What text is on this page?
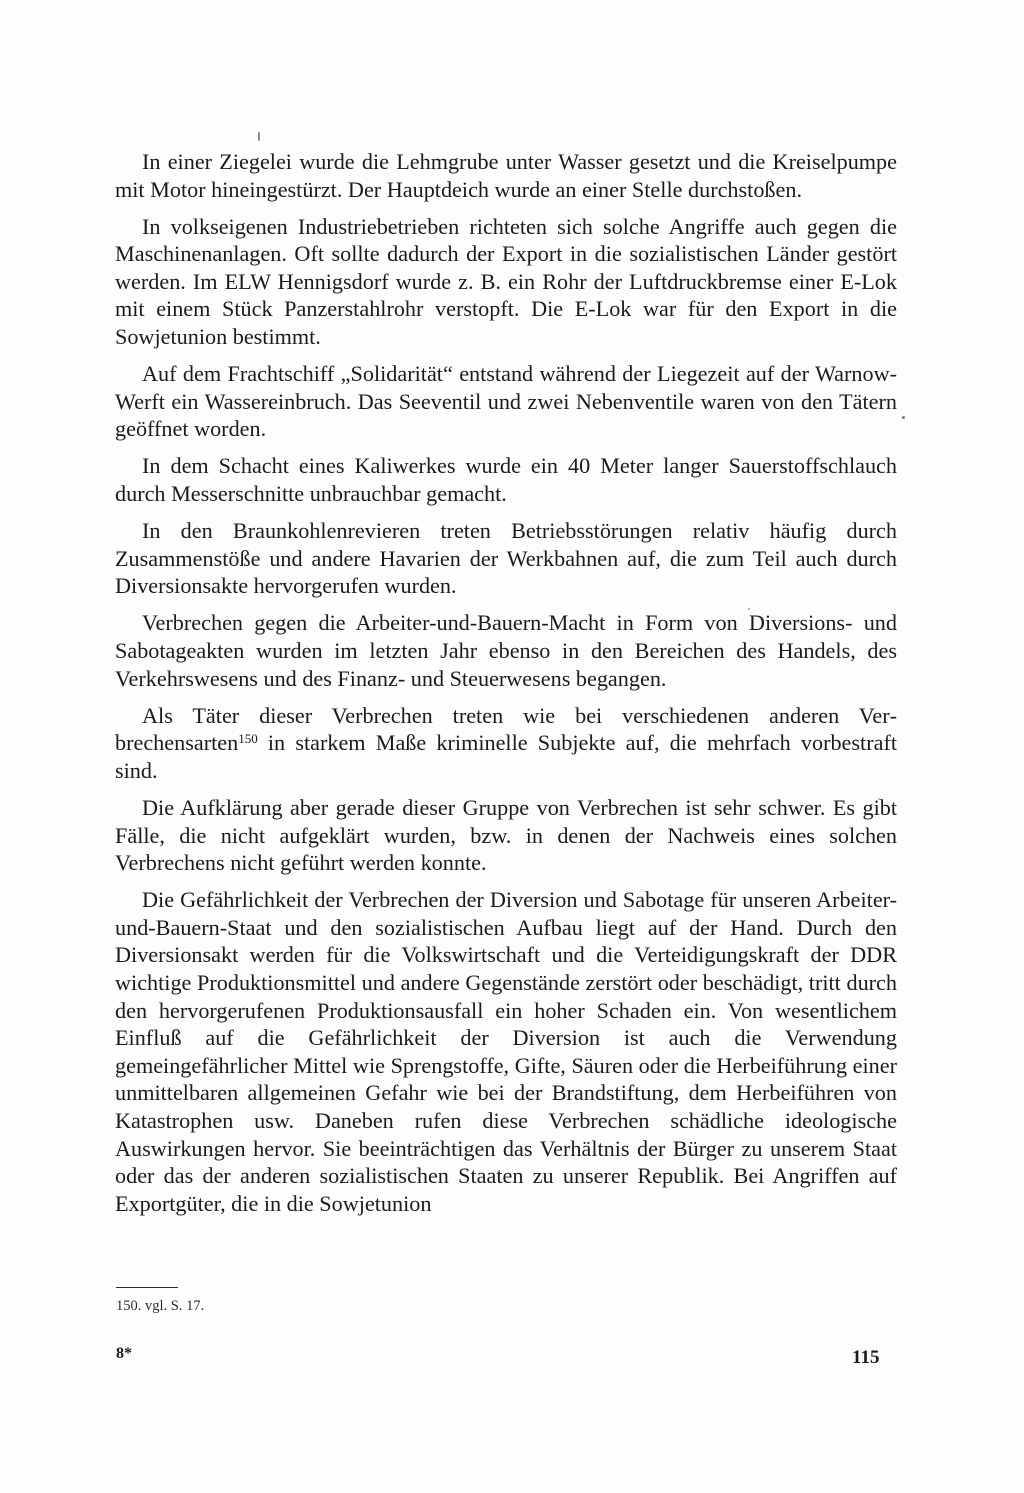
In einer Ziegelei wurde die Lehmgrube unter Wasser gesetzt und die Kreiselpumpe mit Motor hineingestürzt. Der Hauptdeich wurde an einer Stelle durchstoßen.

In volkseigenen Industriebetrieben richteten sich solche Angriffe auch gegen die Maschinenanlagen. Oft sollte dadurch der Export in die sozialistischen Länder gestört werden. Im ELW Hennigsdorf wurde z. B. ein Rohr der Luftdruckbremse einer E-Lok mit einem Stück Panzerstahlrohr verstopft. Die E-Lok war für den Export in die Sowjetunion bestimmt.

Auf dem Frachtschiff „Solidarität“ entstand während der Liegezeit auf der Warnow-Werft ein Wassereinbruch. Das Seeventil und zwei Nebenventile waren von den Tätern geöffnet worden.

In dem Schacht eines Kaliwerkes wurde ein 40 Meter langer Sauerstoffschlauch durch Messerschnitte unbrauchbar gemacht.

In den Braunkohlenrevieren treten Betriebsstörungen relativ häufig durch Zusammenstöße und andere Havarien der Werkbahnen auf, die zum Teil auch durch Diversionsakte hervorgerufen wurden.

Verbrechen gegen die Arbeiter-und-Bauern-Macht in Form von Diversions- und Sabotageakten wurden im letzten Jahr ebenso in den Bereichen des Handels, des Verkehrswesens und des Finanz- und Steuerwesens begangen.

Als Täter dieser Verbrechen treten wie bei verschiedenen anderen Verbrechensarten$^{150}$ in starkem Maße kriminelle Subjekte auf, die mehrfach vorbestraft sind.

Die Aufklärung aber gerade dieser Gruppe von Verbrechen ist sehr schwer. Es gibt Fälle, die nicht aufgeklärt wurden, bzw. in denen der Nachweis eines solchen Verbrechens nicht geführt werden konnte.

Die Gefährlichkeit der Verbrechen der Diversion und Sabotage für unseren Arbeiter-und-Bauern-Staat und den sozialistischen Aufbau liegt auf der Hand. Durch den Diversionsakt werden für die Volkswirtschaft und die Verteidigungskraft der DDR wichtige Produktionsmittel und andere Gegenstände zerstört oder beschädigt, tritt durch den hervorgerufenen Produktionsausfall ein hoher Schaden ein. Von wesentlichem Einfluß auf die Gefährlichkeit der Diversion ist auch die Verwendung gemeingefährlicher Mittel wie Sprengstoffe, Gifte, Säuren oder die Herbeiführung einer unmittelbaren allgemeinen Gefahr wie bei der Brandstiftung, dem Herbeiführen von Katastrophen usw. Daneben rufen diese Verbrechen schädliche ideologische Auswirkungen hervor. Sie beeinträchtigen das Verhältnis der Bürger zu unserem Staat oder das der anderen sozialistischen Staaten zu unserer Republik. Bei Angriffen auf Exportgüter, die in die Sowjetunion

150. vgl. S. 17.
8*	115
